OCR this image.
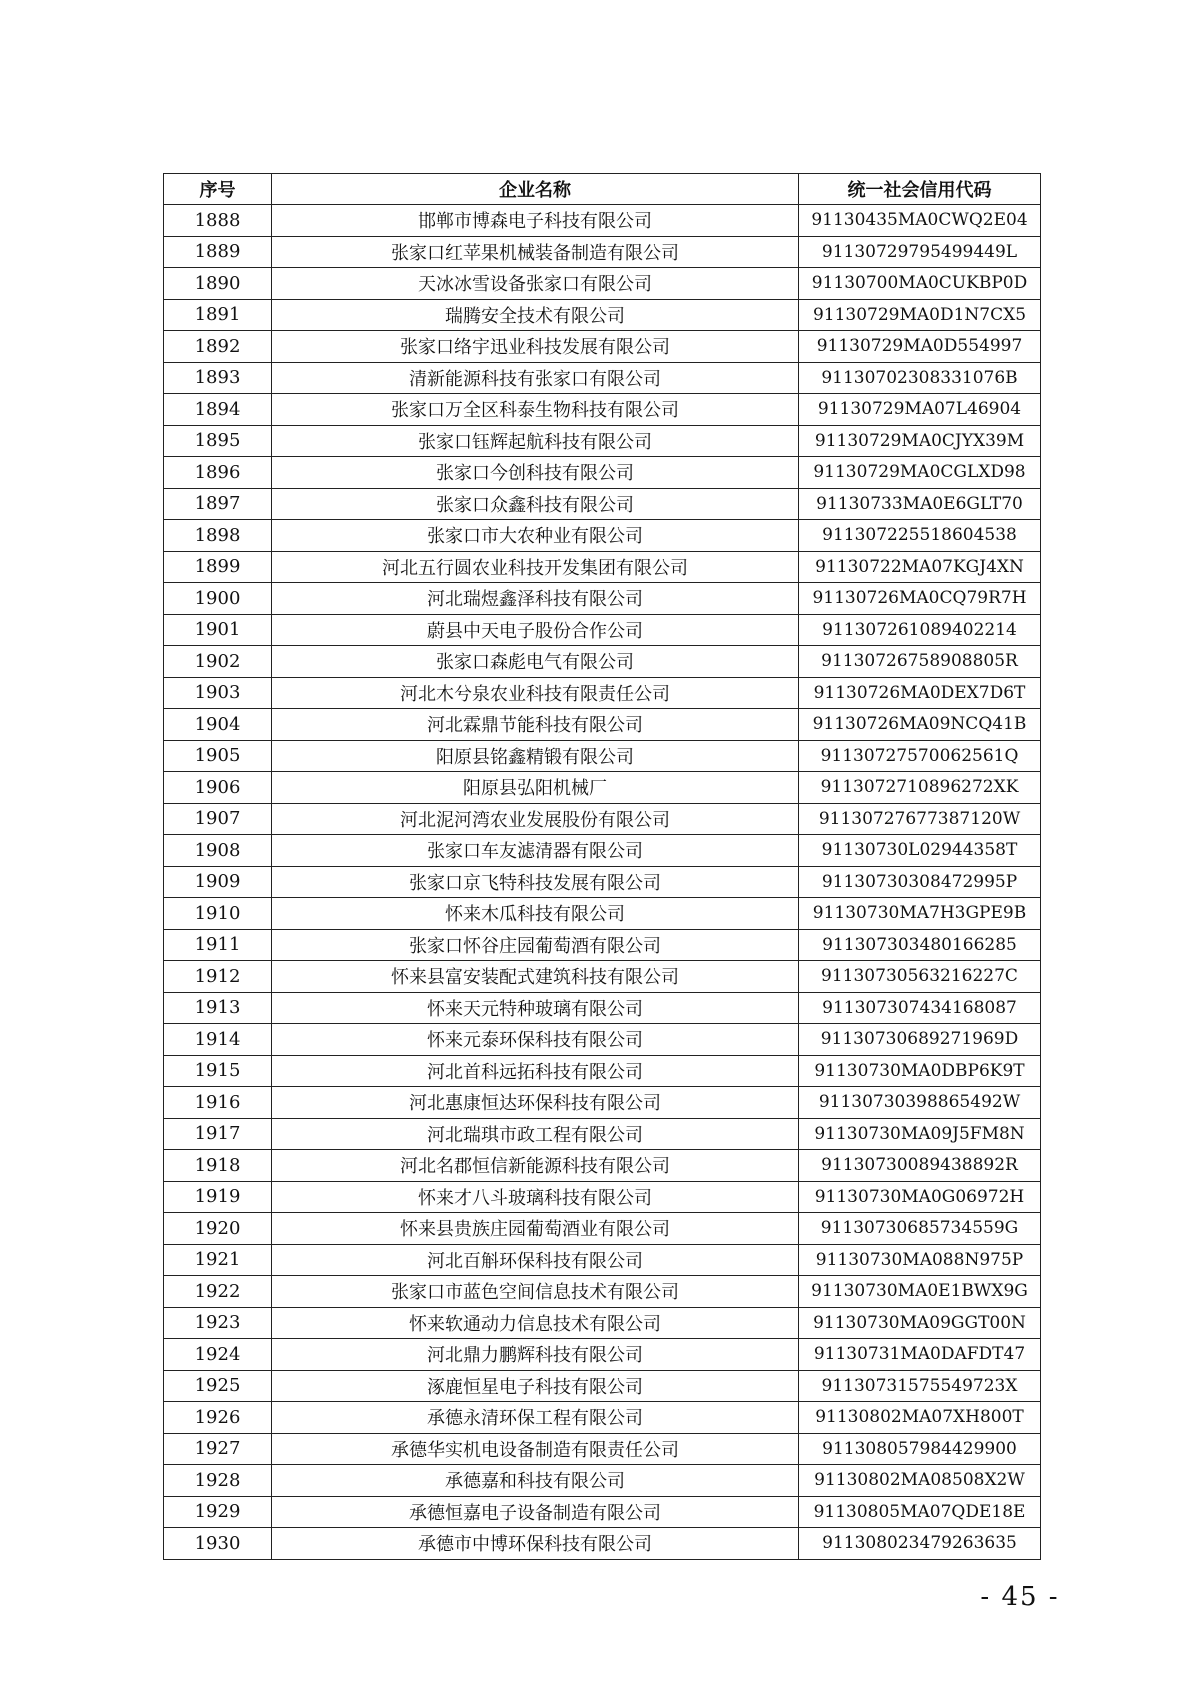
序号	企业名称	统一社会信用代码
1888	邯郸市博森电子科技有限公司	91130435MA0CWQ2E04
1889	张家口红苹果机械装备制造有限公司	91130729795499449L
1890	天冰冰雪设备张家口有限公司	91130700MA0CUKBP0D
1891	瑞腾安全技术有限公司	91130729MA0D1N7CX5
1892	张家口络宇迅业科技发展有限公司	91130729MA0D554997
1893	清新能源科技有张家口有限公司	91130702308331076B
1894	张家口万全区科泰生物科技有限公司	91130729MA07L46904
1895	张家口钰辉起航科技有限公司	91130729MA0CJYX39M
1896	张家口今创科技有限公司	91130729MA0CGLXD98
1897	张家口众鑫科技有限公司	91130733MA0E6GLT70
1898	张家口市大农种业有限公司	91130722551860453​8
1899	河北五行圆农业科技开发集团有限公司	91130722MA07KGJ4XN
1900	河北瑞煜鑫泽科技有限公司	91130726MA0CQ79R7H
1901	蔚县中天电子股份合作公司	911307261089402214
1902	张家口森彪电气有限公司	91130726758908805R
1903	河北木兮泉农业科技有限责任公司	91130726MA0DEX7D6T
1904	河北霖鼎节能科技有限公司	91130726MA09NCQ41B
1905	阳原县铭鑫精锻有限公司	91130727570062561Q
1906	阳原县弘阳机械厂	911307271089627​2XK
1907	河北泥河湾农业发展股份有限公司	91130727677387120W
1908	张家口车友滤清器有限公司	91130730L02944358T
1909	张家口京飞特科技发展有限公司	91130730308472995P
1910	怀来木瓜科技有限公司	91130730MA7H3GPE9B
1911	张家口怀谷庄园葡萄酒有限公司	911307303480166285
1912	怀来县富安装配式建筑科技有限公司	91130730563216227C
1913	怀来天元特种玻璃有限公司	911307307434168087
1914	怀来元泰环保科技有限公司	91130730689271969D
1915	河北首科远拓科技有限公司	91130730MA0DBP6K9T
1916	河北惠康恒达环保科技有限公司	91130730398865492W
1917	河北瑞琪市政工程有限公司	91130730MA09J5FM8N
1918	河北名郡恒信新能源科技有限公司	91130730089438892R
1919	怀来才八斗玻璃科技有限公司	91130730MA0G06972H
1920	怀来县贵族庄园葡萄酒业有限公司	91130730685734559G
1921	河北百斛环保科技有限公司	91130730MA088N975P
1922	张家口市蓝色空间信息技术有限公司	91130730MA0E1BWX9G
1923	怀来软通动力信息技术有限公司	91130730MA09GGT00N
1924	河北鼎力鹏辉科技有限公司	91130731MA0DAFDT47
1925	涿鹿恒星电子科技有限公司	91130731575549723X
1926	承德永清环保工程有限公司	91130802MA07XH800T
1927	承德华实机电设备制造有限责任公司	911308057984429900
1928	承德嘉和科技有限公司	91130802MA08508X2W
1929	承德恒嘉电子设备制造有限公司	91130805MA07QDE18E
1930	承德市中博环保科技有限公司	911308023479263635
- 45 -
